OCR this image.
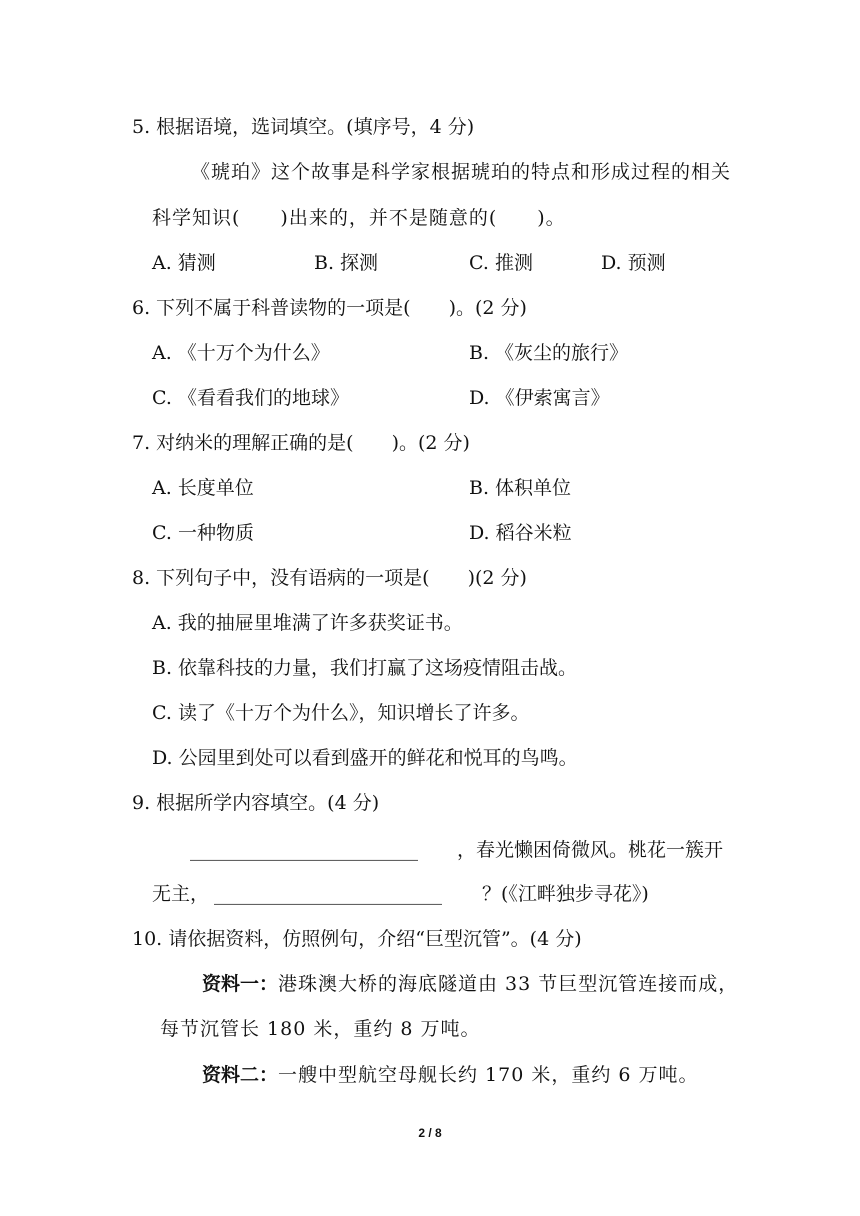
5. 根据语境，选词填空。(填序号，4 分)
《琥珀》这个故事是科学家根据琥珀的特点和形成过程的相关
科学知识(　　)出来的，并不是随意的(　　)。
A. 猜测	B. 探测	C. 推测	D. 预测
6. 下列不属于科普读物的一项是(　　)。(2 分)
A. 《十万个为什么》	B. 《灰尘的旅行》
C. 《看看我们的地球》	D. 《伊索寓言》
7. 对纳米的理解正确的是(　　)。(2 分)
A. 长度单位	B. 体积单位
C. 一种物质	D. 稻谷米粒
8. 下列句子中，没有语病的一项是(　　)(2 分)
A. 我的抽屉里堆满了许多获奖证书。
B. 依靠科技的力量，我们打赢了这场疫情阻击战。
C. 读了《十万个为什么》，知识增长了许多。
D. 公园里到处可以看到盛开的鲜花和悦耳的鸟鸣。
9. 根据所学内容填空。(4 分)
________________________ ，春光懒困倚微风。桃花一簇开
无主， ________________________ ？(《江畔独步寻花》)
10. 请依据资料，仿照例句，介绍“巨型沉管”。(4 分)
资料一：港珠澳大桥的海底隧道由 33 节巨型沉管连接而成，
每节沉管长 180 米，重约 8 万吨。
资料二：一艘中型航空母舰长约 170 米，重约 6 万吨。
2 / 8
